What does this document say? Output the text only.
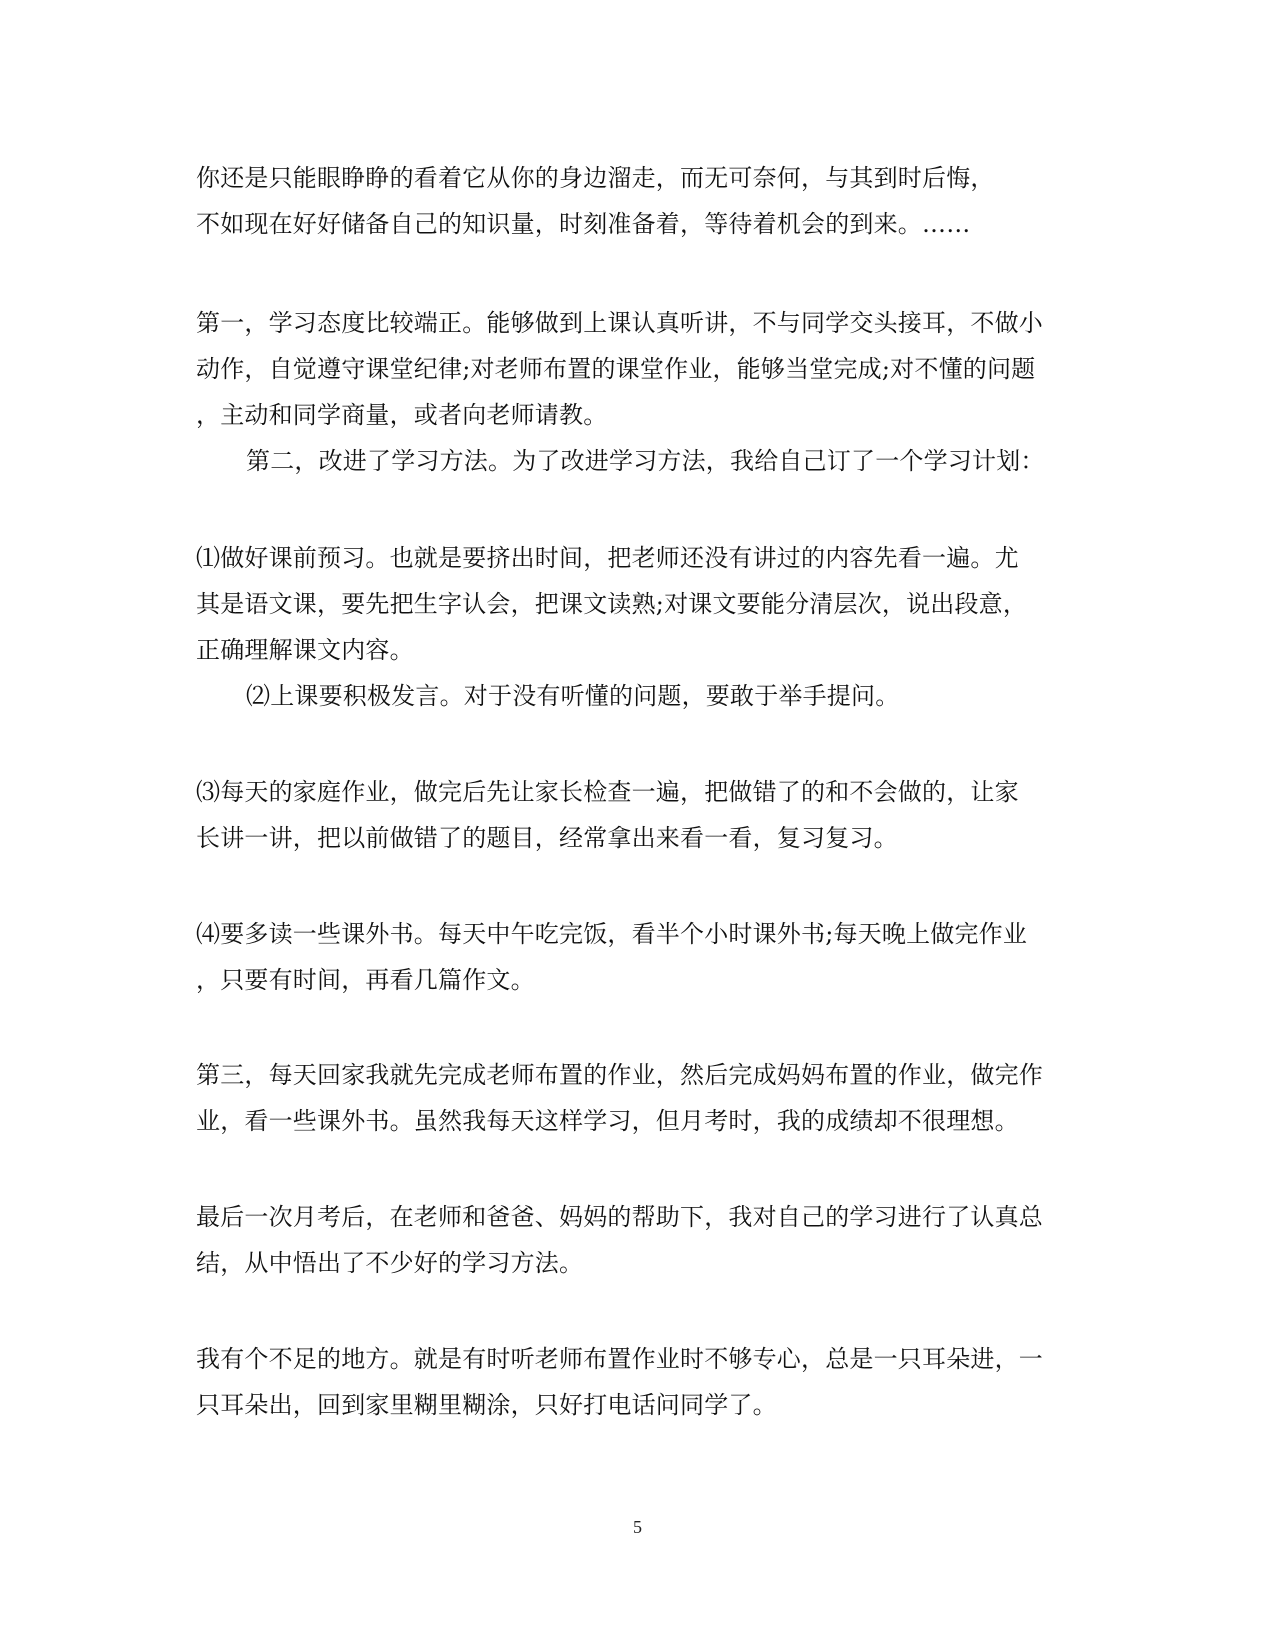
你还是只能眼睁睁的看着它从你的身边溜走，而无可奈何，与其到时后悔，
不如现在好好储备自己的知识量，时刻准备着，等待着机会的到来。……
第一，学习态度比较端正。能够做到上课认真听讲，不与同学交头接耳，不做小
动作，自觉遵守课堂纪律;对老师布置的课堂作业，能够当堂完成;对不懂的问题
，主动和同学商量，或者向老师请教。
第二，改进了学习方法。为了改进学习方法，我给自己订了一个学习计划：
⑴做好课前预习。也就是要挤出时间，把老师还没有讲过的内容先看一遍。尤
其是语文课，要先把生字认会，把课文读熟;对课文要能分清层次，说出段意，
正确理解课文内容。
⑵上课要积极发言。对于没有听懂的问题，要敢于举手提问。
⑶每天的家庭作业，做完后先让家长检查一遍，把做错了的和不会做的，让家
长讲一讲，把以前做错了的题目，经常拿出来看一看，复习复习。
⑷要多读一些课外书。每天中午吃完饭，看半个小时课外书;每天晚上做完作业
，只要有时间，再看几篇作文。
第三，每天回家我就先完成老师布置的作业，然后完成妈妈布置的作业，做完作
业，看一些课外书。虽然我每天这样学习，但月考时，我的成绩却不很理想。
最后一次月考后，在老师和爸爸、妈妈的帮助下，我对自己的学习进行了认真总
结，从中悟出了不少好的学习方法。
我有个不足的地方。就是有时听老师布置作业时不够专心，总是一只耳朵进，一
只耳朵出，回到家里糊里糊涂，只好打电话问同学了。
5
